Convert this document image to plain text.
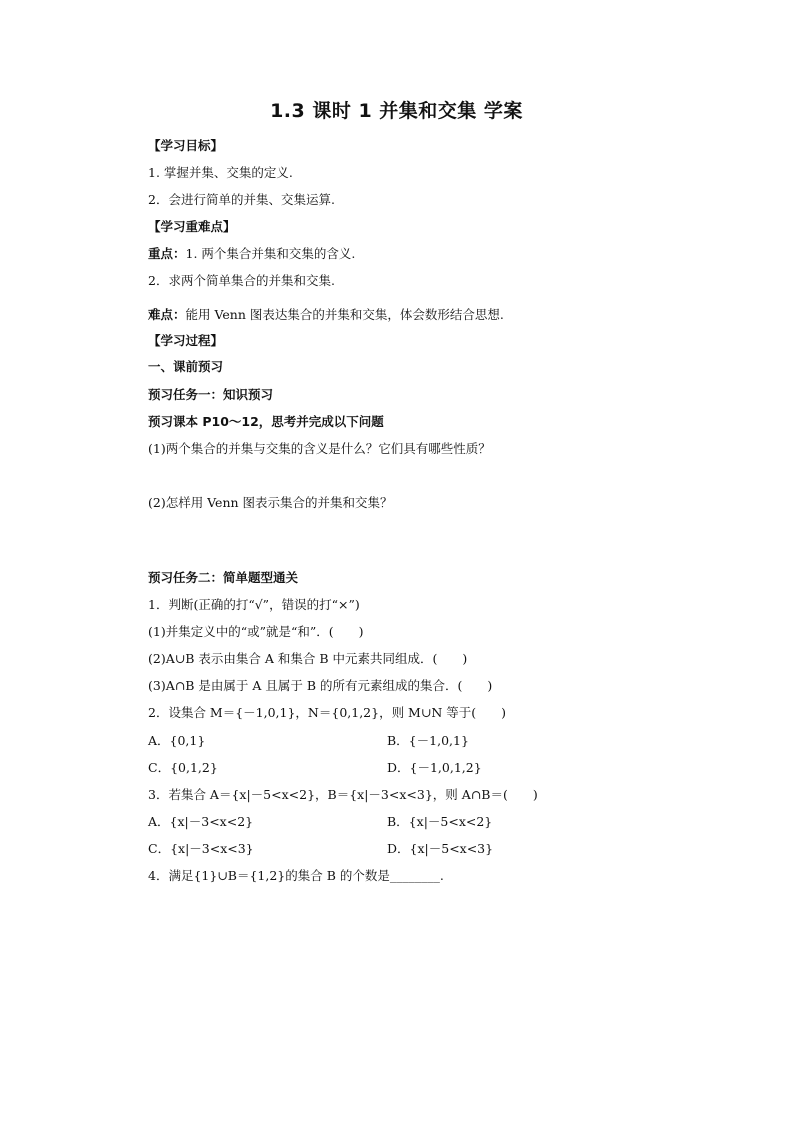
1.3 课时 1 并集和交集 学案
【学习目标】
1. 掌握并集、交集的定义.
2．会进行简单的并集、交集运算.
【学习重难点】
重点：1. 两个集合并集和交集的含义.
2．求两个简单集合的并集和交集.
难点：能用 Venn 图表达集合的并集和交集，体会数形结合思想.
【学习过程】
一、课前预习
预习任务一：知识预习
预习课本 P10～12，思考并完成以下问题
(1)两个集合的并集与交集的含义是什么？它们具有哪些性质？
(2)怎样用 Venn 图表示集合的并集和交集？
预习任务二：简单题型通关
1．判断(正确的打“√”，错误的打“×”)
(1)并集定义中的“或”就是“和”．(　　)
(2)A∪B 表示由集合 A 和集合 B 中元素共同组成．(　　)
(3)A∩B 是由属于 A 且属于 B 的所有元素组成的集合．(　　)
2．设集合 M＝{－1,0,1}，N＝{0,1,2}，则 M∪N 等于(　　)
A．{0,1}	B．{－1,0,1}
C．{0,1,2}	D．{－1,0,1,2}
3．若集合 A＝{x|－5<x<2}，B＝{x|－3<x<3}，则 A∩B＝(　　)
A．{x|－3<x<2}	B．{x|－5<x<2}
C．{x|－3<x<3}	D．{x|－5<x<3}
4．满足{1}∪B＝{1,2}的集合 B 的个数是________.
